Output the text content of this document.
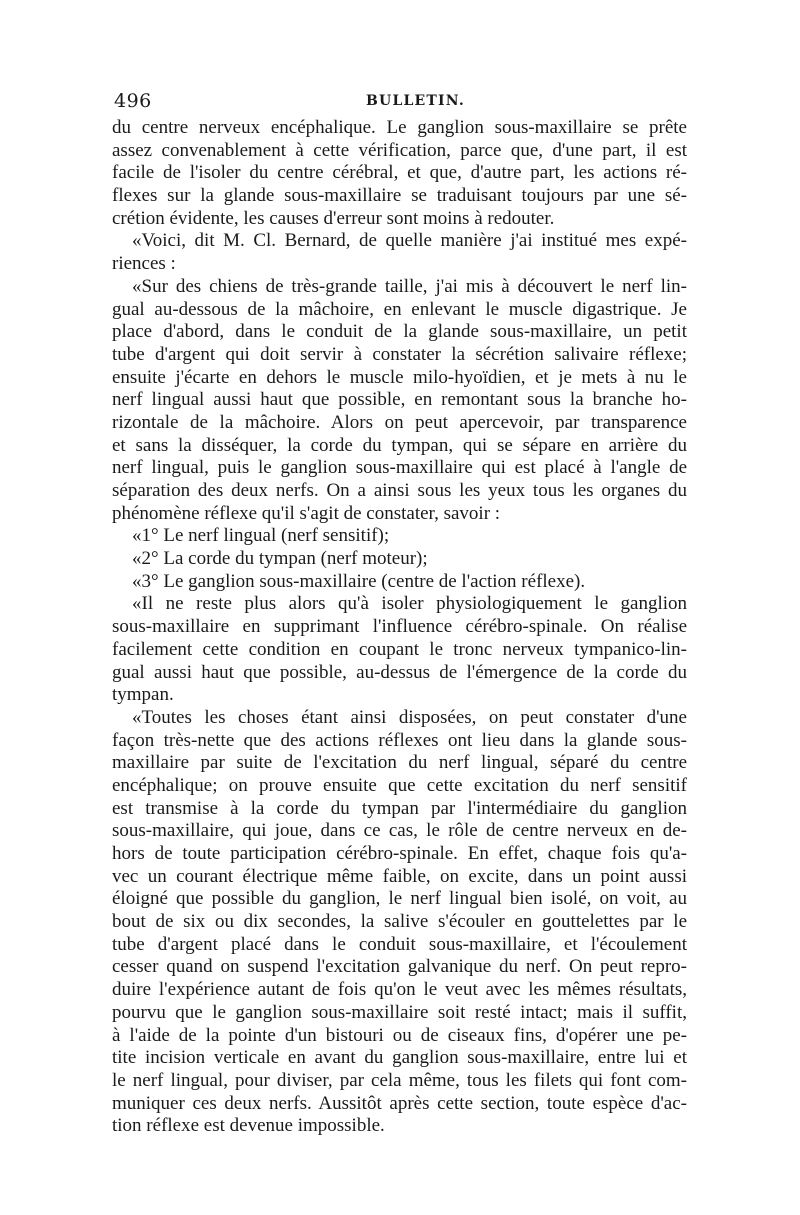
496	BULLETIN.
du centre nerveux encéphalique. Le ganglion sous-maxillaire se prête
assez convenablement à cette vérification, parce que, d'une part, il est
facile de l'isoler du centre cérébral, et que, d'autre part, les actions ré-
flexes sur la glande sous-maxillaire se traduisant toujours par une sé-
crétion évidente, les causes d'erreur sont moins à redouter.
«Voici, dit M. Cl. Bernard, de quelle manière j'ai institué mes expé-
riences :
«Sur des chiens de très-grande taille, j'ai mis à découvert le nerf lin-
gual au-dessous de la mâchoire, en enlevant le muscle digastrique. Je
place d'abord, dans le conduit de la glande sous-maxillaire, un petit
tube d'argent qui doit servir à constater la sécrétion salivaire réflexe;
ensuite j'écarte en dehors le muscle milo-hyoïdien, et je mets à nu le
nerf lingual aussi haut que possible, en remontant sous la branche ho-
rizontale de la mâchoire. Alors on peut apercevoir, par transparence
et sans la disséquer, la corde du tympan, qui se sépare en arrière du
nerf lingual, puis le ganglion sous-maxillaire qui est placé à l'angle de
séparation des deux nerfs. On a ainsi sous les yeux tous les organes du
phénomène réflexe qu'il s'agit de constater, savoir :
«1° Le nerf lingual (nerf sensitif);
«2° La corde du tympan (nerf moteur);
«3° Le ganglion sous-maxillaire (centre de l'action réflexe).
«Il ne reste plus alors qu'à isoler physiologiquement le ganglion
sous-maxillaire en supprimant l'influence cérébro-spinale. On réalise
facilement cette condition en coupant le tronc nerveux tympanico-lin-
gual aussi haut que possible, au-dessus de l'émergence de la corde du
tympan.
«Toutes les choses étant ainsi disposées, on peut constater d'une
façon très-nette que des actions réflexes ont lieu dans la glande sous-
maxillaire par suite de l'excitation du nerf lingual, séparé du centre
encéphalique; on prouve ensuite que cette excitation du nerf sensitif
est transmise à la corde du tympan par l'intermédiaire du ganglion
sous-maxillaire, qui joue, dans ce cas, le rôle de centre nerveux en de-
hors de toute participation cérébro-spinale. En effet, chaque fois qu'a-
vec un courant électrique même faible, on excite, dans un point aussi
éloigné que possible du ganglion, le nerf lingual bien isolé, on voit, au
bout de six ou dix secondes, la salive s'écouler en gouttelettes par le
tube d'argent placé dans le conduit sous-maxillaire, et l'écoulement
cesser quand on suspend l'excitation galvanique du nerf. On peut repro-
duire l'expérience autant de fois qu'on le veut avec les mêmes résultats,
pourvu que le ganglion sous-maxillaire soit resté intact; mais il suffit,
à l'aide de la pointe d'un bistouri ou de ciseaux fins, d'opérer une pe-
tite incision verticale en avant du ganglion sous-maxillaire, entre lui et
le nerf lingual, pour diviser, par cela même, tous les filets qui font com-
muniquer ces deux nerfs. Aussitôt après cette section, toute espèce d'ac-
tion réflexe est devenue impossible.
